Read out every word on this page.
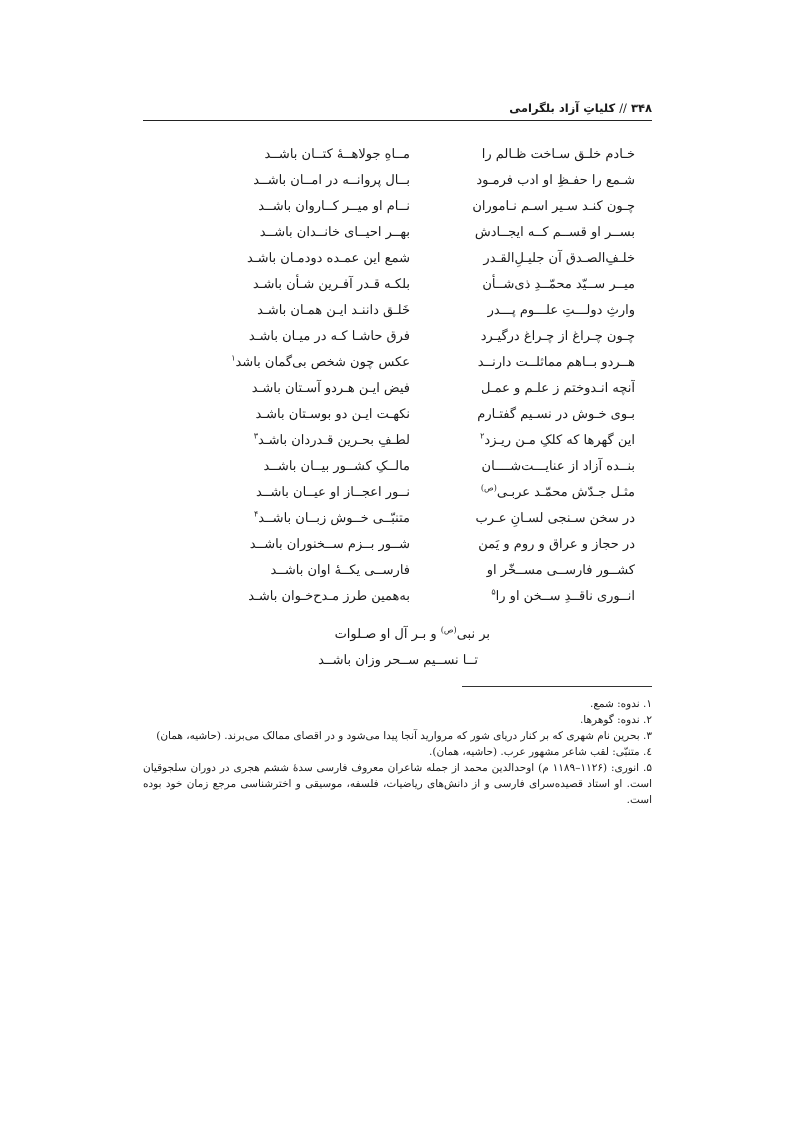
۳۴۸
//
کلیاتِ آزاد بلگرامی
خـادم خلـق سـاخت ظـالم را
مــاهِ جولاهــهٔ کتــان باشــد
شـمع را حفـظِ او ادب فرمـود
بــال پروانــه در امــان باشــد
چـون کنـد سـیر اسـم نـاموران
نــام او میــر کــاروان باشــد
بســر او قســم کــه ایجــادش
بهــر احیــای خانــدان باشــد
خلـفِ‌الصـدق آن جلیـلِ‌القـدر
شمع این عمـده دودمـان باشـد
میــر ســیّد محمّــدِ ذی‌شــأن
بلکـه قـدر آفـرین شـأن باشـد
وارثِ دولـــتِ علـــوم پـــدر
خَلـق داننـد ایـن همـان باشـد
چـون چـراغ از چـراغ درگیـرد
فرق حاشـا کـه در میـان باشـد
هــردو بــاهم مماثلــت دارنــد
عکس چون شخص بی‌گمان باشد$^۱$
آنچه انـدوختم ز علـم و عمـل
فیض ایـن هـردو آسـتان باشـد
بـوی خـوش در نسـیم گفتـارم
نکهـت ایـن دو بوسـتان باشـد
این گهرها که کلکِ مـن ریـزد$^۲$
لطـفِ بحـرین قـدردان باشـد$^۳$
بنــده آزاد از عنایـــت‌شــــان
مالــکِ کشــور بیــان باشــد
مثـل جـدّش محمّـد عربـی$^{(ص)}$
نــور اعجــاز او عیــان باشــد
در سخن سـنجی لسـانِ عـرب
متنبّــی خــوش زبــان باشــد$^۴$
در حجاز و عراق و روم و یَمن
شــور بــزم ســخنوران باشــد
کشــور فارســی مســخّر او
فارســی یکــهٔ اوان باشــد
انــوری ناقــدِ ســخن او را$^۵$
به‌همین طرز مـدح‌خـوان باشـد
بر نبی$^{(ص)}$ و بـر آل او صـلوات
تــا نســیم ســحر وزان باشــد

۱. ندوه: شمع.

۲. ندوه: گوهرها.

۳. بحرین نام شهری که بر کنار دریای شور که مروارید آنجا پیدا می‌شود و در اقصای ممالک می‌برند. (حاشیه، همان)

٤. متنبّی: لقب شاعر مشهور عرب. (حاشیه، همان).

۵. انوری: (۱۱۲۶–۱۱۸۹ م) اوحدالدین محمد از جمله شاعران معروف فارسی سدهٔ ششم هجری در دوران سلجوقیان است. او استاد قصیده‌سرای فارسی و از دانش‌های ریاضیات، فلسفه، موسیقی و اخترشناسی مرجع زمان خود بوده است.
